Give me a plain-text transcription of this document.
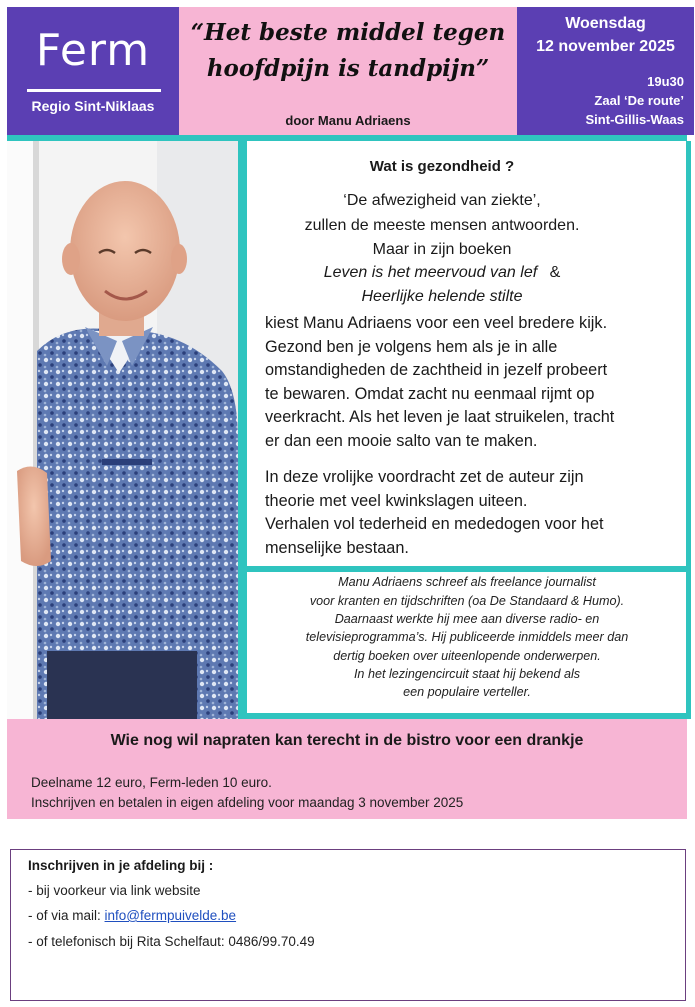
Ferm
Regio Sint-Niklaas
“Het beste middel tegen
hoofdpijn is tandpijn”
door Manu Adriaens
Woensdag
12 november 2025
19u30
Zaal ‘De route’
Sint-Gillis-Waas
Wat is gezondheid ?
‘De afwezigheid van ziekte’,
zullen de meeste mensen antwoorden.
Maar in zijn boeken
Leven is het meervoud van lef &
Heerlijke helende stilte
kiest Manu Adriaens voor een veel bredere kijk.
Gezond ben je volgens hem als je in alle
omstandigheden de zachtheid in jezelf probeert
te bewaren. Omdat zacht nu eenmaal rijmt op
veerkracht. Als het leven je laat struikelen, tracht
er dan een mooie salto van te maken.
In deze vrolijke voordracht zet de auteur zijn
theorie met veel kwinkslagen uiteen.
Verhalen vol tederheid en mededogen voor het
menselijke bestaan.
Manu Adriaens schreef als freelance journalist
voor kranten en tijdschriften (oa De Standaard & Humo).
Daarnaast werkte hij mee aan diverse radio- en
televisieprogramma’s. Hij publiceerde inmiddels meer dan
dertig boeken over uiteenlopende onderwerpen.
In het lezingencircuit staat hij bekend als
een populaire verteller.
Wie nog wil napraten kan terecht in de bistro voor een drankje
Deelname 12 euro, Ferm-leden 10 euro.
Inschrijven en betalen in eigen afdeling voor maandag 3 november 2025
Inschrijven in je afdeling bij :
- bij voorkeur via link website
- of via mail: info@fermpuivelde.be
- of telefonisch bij Rita Schelfaut: 0486/99.70.49
